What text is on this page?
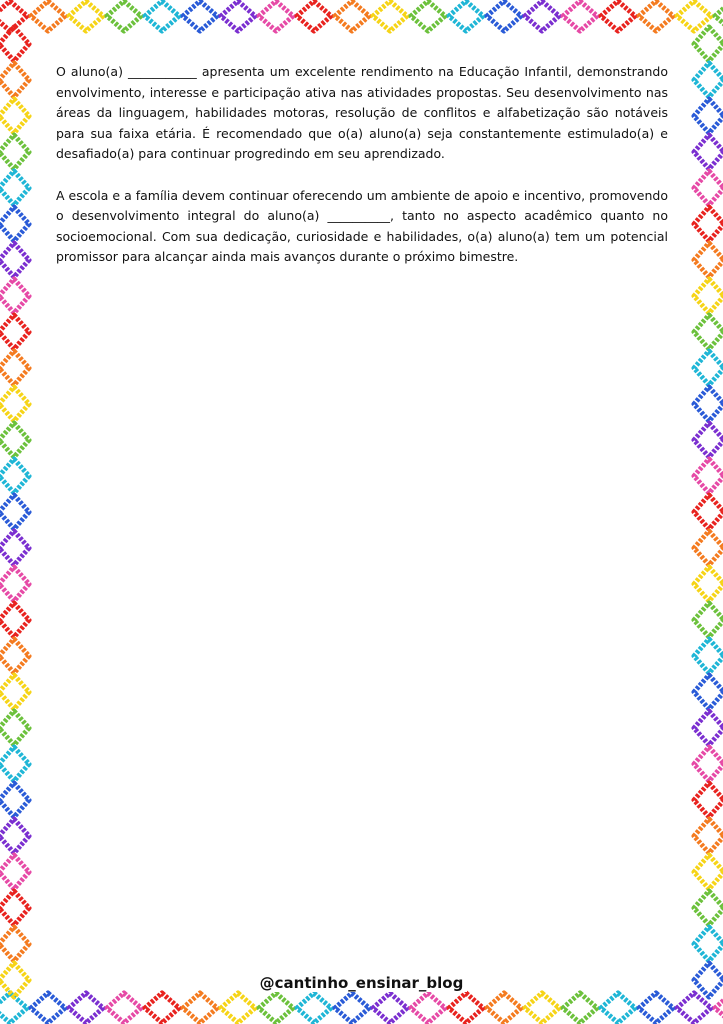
O aluno(a) ___________ apresenta um excelente rendimento na Educação Infantil, demonstrando envolvimento, interesse e participação ativa nas atividades propostas. Seu desenvolvimento nas áreas da linguagem, habilidades motoras, resolução de conflitos e alfabetização são notáveis para sua faixa etária. É recomendado que o(a) aluno(a) seja constantemente estimulado(a) e desafiado(a) para continuar progredindo em seu aprendizado.

A escola e a família devem continuar oferecendo um ambiente de apoio e incentivo, promovendo o desenvolvimento integral do aluno(a) __________, tanto no aspecto acadêmico quanto no socioemocional. Com sua dedicação, curiosidade e habilidades, o(a) aluno(a) tem um potencial promissor para alcançar ainda mais avanços durante o próximo bimestre.

@cantinho_ensinar_blog
